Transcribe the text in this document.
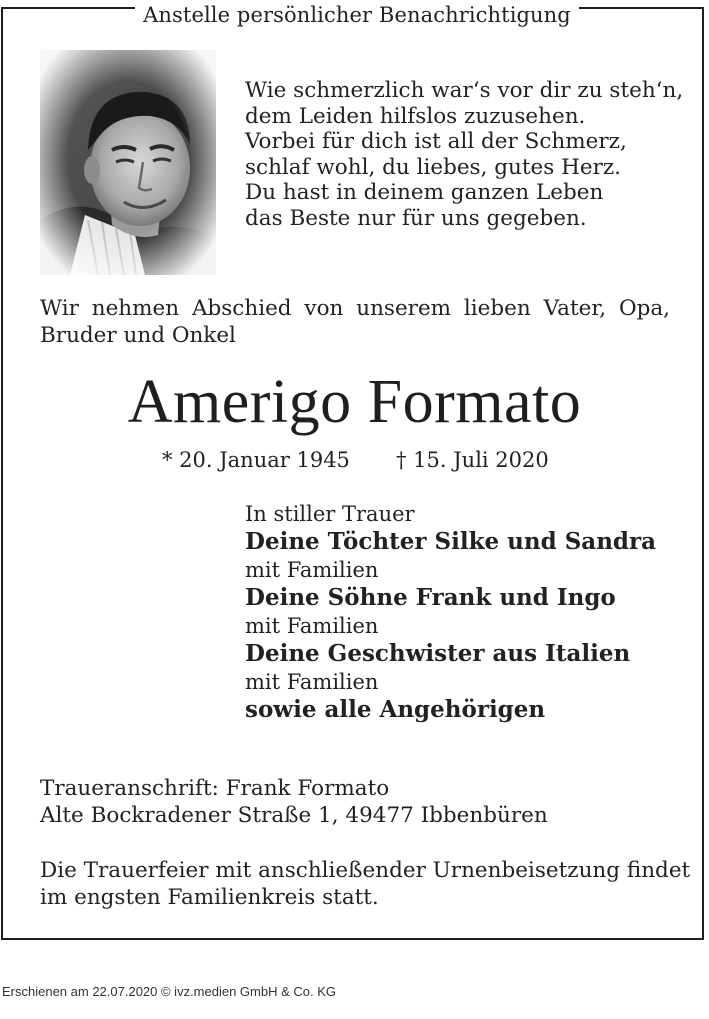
Anstelle persönlicher Benachrichtigung
Wie schmerzlich war‘s vor dir zu steh‘n,
dem Leiden hilfslos zuzusehen.
Vorbei für dich ist all der Schmerz,
schlaf wohl, du liebes, gutes Herz.
Du hast in deinem ganzen Leben
das Beste nur für uns gegeben.
Wir nehmen Abschied von unserem lieben Vater, Opa,
Bruder und Onkel
Amerigo Formato
* 20. Januar 1945 † 15. Juli 2020
In stiller Trauer
Deine Töchter Silke und Sandra
mit Familien
Deine Söhne Frank und Ingo
mit Familien
Deine Geschwister aus Italien
mit Familien
sowie alle Angehörigen
Traueranschrift: Frank Formato
Alte Bockradener Straße 1, 49477 Ibbenbüren
Die Trauerfeier mit anschließender Urnenbeisetzung findet
im engsten Familienkreis statt.
Erschienen am 22.07.2020 © ivz.medien GmbH & Co. KG
